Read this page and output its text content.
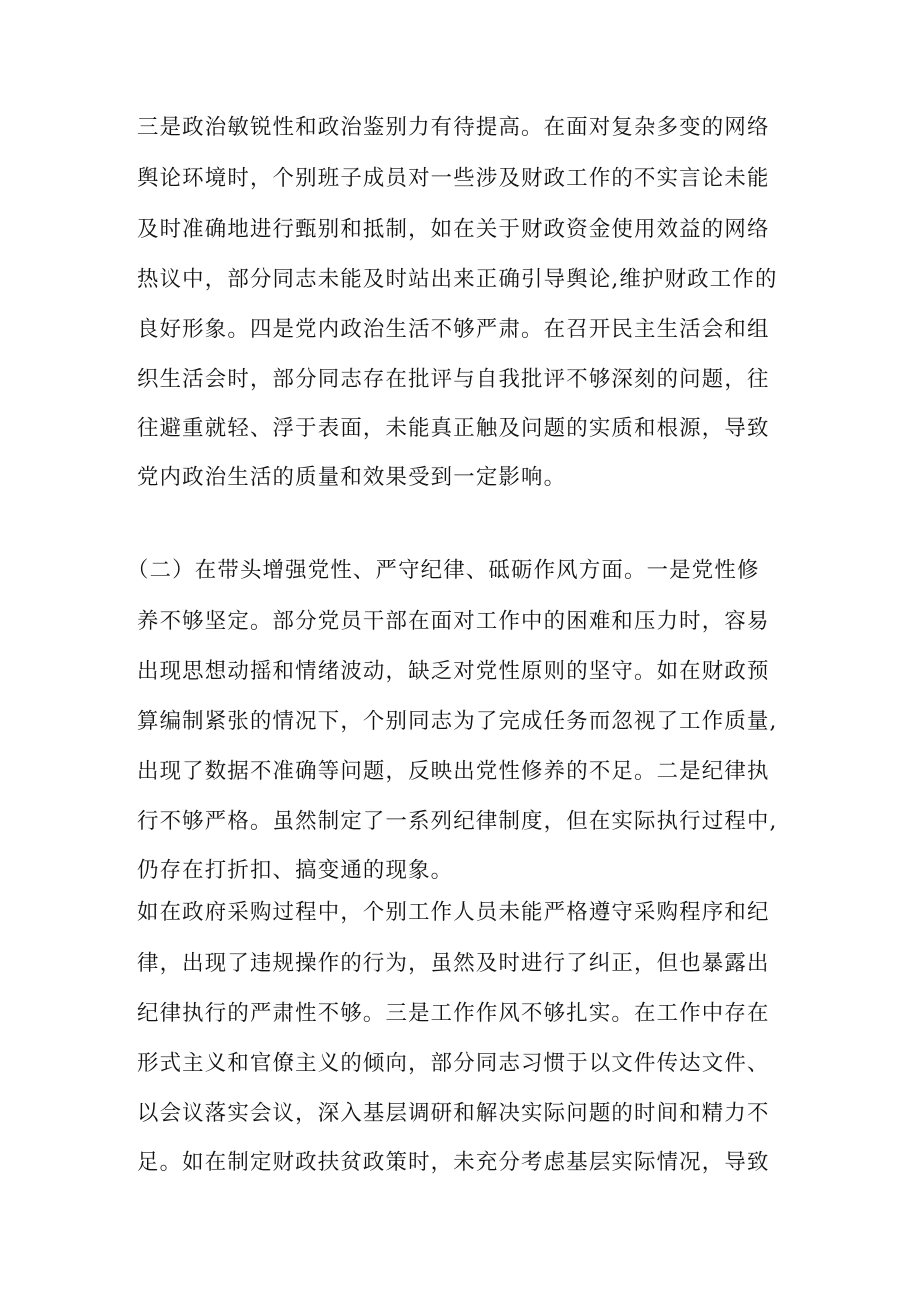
三是政治敏锐性和政治鉴别力有待提高。在面对复杂多变的网络
舆论环境时，个别班子成员对一些涉及财政工作的不实言论未能
及时准确地进行甄别和抵制，如在关于财政资金使用效益的网络
热议中，部分同志未能及时站出来正确引导舆论,维护财政工作的
良好形象。四是党内政治生活不够严肃。在召开民主生活会和组
织生活会时，部分同志存在批评与自我批评不够深刻的问题，往
往避重就轻、浮于表面，未能真正触及问题的实质和根源，导致
党内政治生活的质量和效果受到一定影响。
（二）在带头增强党性、严守纪律、砥砺作风方面。一是党性修
养不够坚定。部分党员干部在面对工作中的困难和压力时，容易
出现思想动摇和情绪波动，缺乏对党性原则的坚守。如在财政预
算编制紧张的情况下，个别同志为了完成任务而忽视了工作质量,
出现了数据不准确等问题，反映出党性修养的不足。二是纪律执
行不够严格。虽然制定了一系列纪律制度，但在实际执行过程中,
仍存在打折扣、搞变通的现象。
如在政府采购过程中，个别工作人员未能严格遵守采购程序和纪
律，出现了违规操作的行为，虽然及时进行了纠正，但也暴露出
纪律执行的严肃性不够。三是工作作风不够扎实。在工作中存在
形式主义和官僚主义的倾向，部分同志习惯于以文件传达文件、
以会议落实会议，深入基层调研和解决实际问题的时间和精力不
足。如在制定财政扶贫政策时，未充分考虑基层实际情况，导致
